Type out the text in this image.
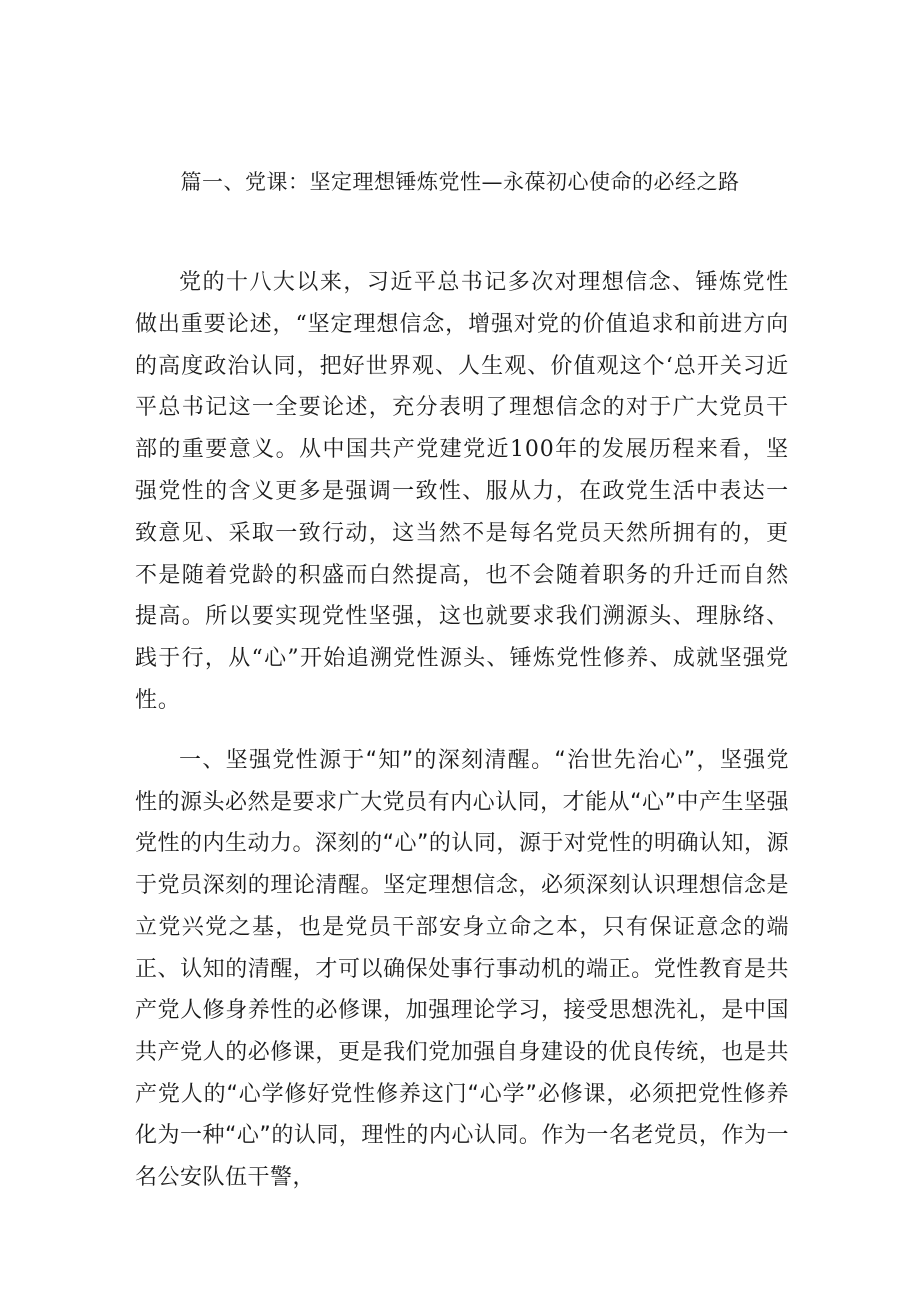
篇一、党课：坚定理想锤炼党性—永葆初心使命的必经之路

党的十八大以来，习近平总书记多次对理想信念、锤炼党性做出重要论述，“坚定理想信念，增强对党的价值追求和前进方向的高度政治认同，把好世界观、人生观、价值观这个‘总开关习近平总书记这一全要论述，充分表明了理想信念的对于广大党员干部的重要意义。从中国共产党建党近100年的发展历程来看，坚强党性的含义更多是强调一致性、服从力，在政党生活中表达一致意见、采取一致行动，这当然不是每名党员天然所拥有的，更不是随着党龄的积盛而白然提高，也不会随着职务的升迁而自然提高。所以要实现党性坚强，这也就要求我们溯源头、理脉络、践于行，从“心”开始追溯党性源头、锤炼党性修养、成就坚强党性。

一、坚强党性源于“知”的深刻清醒。“治世先治心”，坚强党性的源头必然是要求广大党员有内心认同，才能从“心”中产生坚强党性的内生动力。深刻的“心”的认同，源于对党性的明确认知，源于党员深刻的理论清醒。坚定理想信念，必须深刻认识理想信念是立党兴党之基，也是党员干部安身立命之本，只有保证意念的端正、认知的清醒，才可以确保处事行事动机的端正。党性教育是共产党人修身养性的必修课，加强理论学习，接受思想洗礼，是中国共产党人的必修课，更是我们党加强自身建设的优良传统，也是共产党人的“心学修好党性修养这门“心学”必修课，必须把党性修养化为一种“心”的认同，理性的内心认同。作为一名老党员，作为一名公安队伍干警，
